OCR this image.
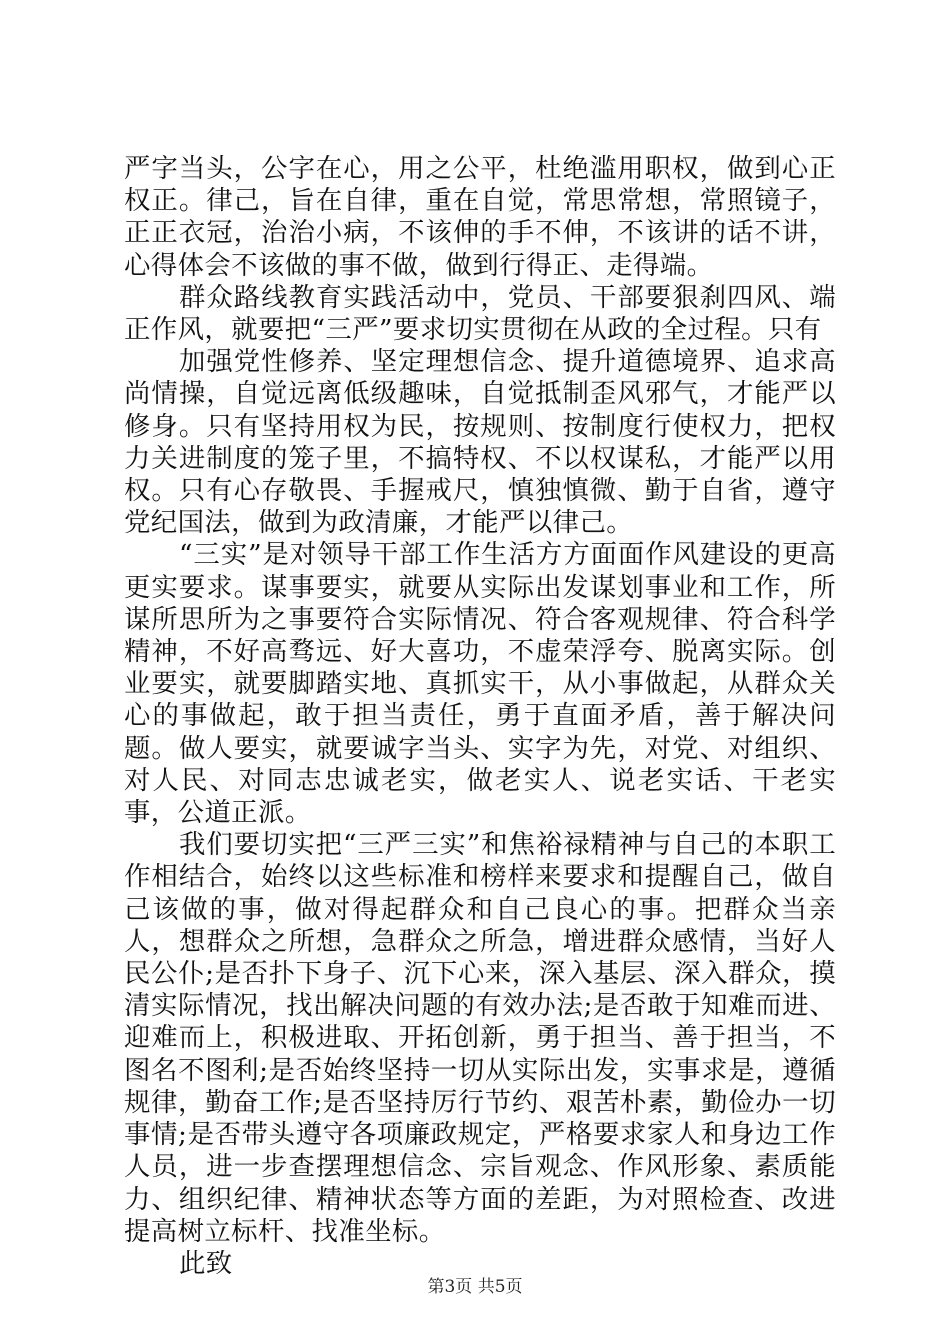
严字当头，公字在心，用之公平，杜绝滥用职权，做到心正权正。律己，旨在自律，重在自觉，常思常想，常照镜子，正正衣冠，治治小病，不该伸的手不伸，不该讲的话不讲，心得体会不该做的事不做，做到行得正、走得端。

群众路线教育实践活动中，党员、干部要狠刹四风、端正作风，就要把“三严”要求切实贯彻在从政的全过程。只有

加强党性修养、坚定理想信念、提升道德境界、追求高尚情操，自觉远离低级趣味，自觉抵制歪风邪气，才能严以修身。只有坚持用权为民，按规则、按制度行使权力，把权力关进制度的笼子里，不搞特权、不以权谋私，才能严以用权。只有心存敬畏、手握戒尺，慎独慎微、勤于自省，遵守党纪国法，做到为政清廉，才能严以律己。

“三实”是对领导干部工作生活方方面面作风建设的更高更实要求。谋事要实，就要从实际出发谋划事业和工作，所谋所思所为之事要符合实际情况、符合客观规律、符合科学精神，不好高骛远、好大喜功，不虚荣浮夸、脱离实际。创业要实，就要脚踏实地、真抓实干，从小事做起，从群众关心的事做起，敢于担当责任，勇于直面矛盾，善于解决问题。做人要实，就要诚字当头、实字为先，对党、对组织、对人民、对同志忠诚老实，做老实人、说老实话、干老实事，公道正派。

我们要切实把“三严三实”和焦裕禄精神与自己的本职工作相结合，始终以这些标准和榜样来要求和提醒自己，做自己该做的事，做对得起群众和自己良心的事。把群众当亲人，想群众之所想，急群众之所急，增进群众感情，当好人民公仆;是否扑下身子、沉下心来，深入基层、深入群众，摸清实际情况，找出解决问题的有效办法;是否敢于知难而进、迎难而上，积极进取、开拓创新，勇于担当、善于担当，不图名不图利;是否始终坚持一切从实际出发，实事求是，遵循规律，勤奋工作;是否坚持厉行节约、艰苦朴素，勤俭办一切事情;是否带头遵守各项廉政规定，严格要求家人和身边工作人员，进一步查摆理想信念、宗旨观念、作风形象、素质能力、组织纪律、精神状态等方面的差距，为对照检查、改进提高树立标杆、找准坐标。

此致

第3页 共5页
